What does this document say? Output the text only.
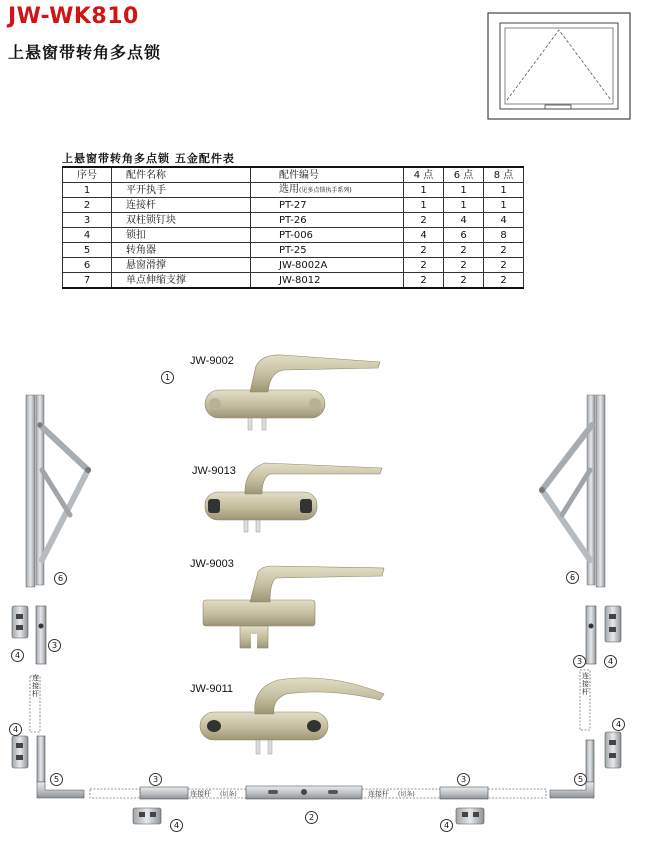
JW-WK810
上悬窗带转角多点锁
上悬窗带转角多点锁 五金配件表
序号	配件名称	配件编号	4 点	6 点	8 点
1	平开执手	选用(见多点锁执手系列)	1	1	1
2	连接杆	PT-27	1	1	1
3	双柱锁钉块	PT-26	2	4	4
4	锁扣	PT-006	4	6	8
5	转角器	PT-25	2	2	2
6	悬窗滑撑	JW-8002A	2	2	2
7	单点伸缩支撑	JW-8012	2	2	2
连接杆 (切条)	连接杆 (切条)
JW-9002
JW-9013
JW-9003
JW-9011
连接杆
连接杆
1
6	6
3
4
3	4
4
4
5	5
3	3
2
4	4
